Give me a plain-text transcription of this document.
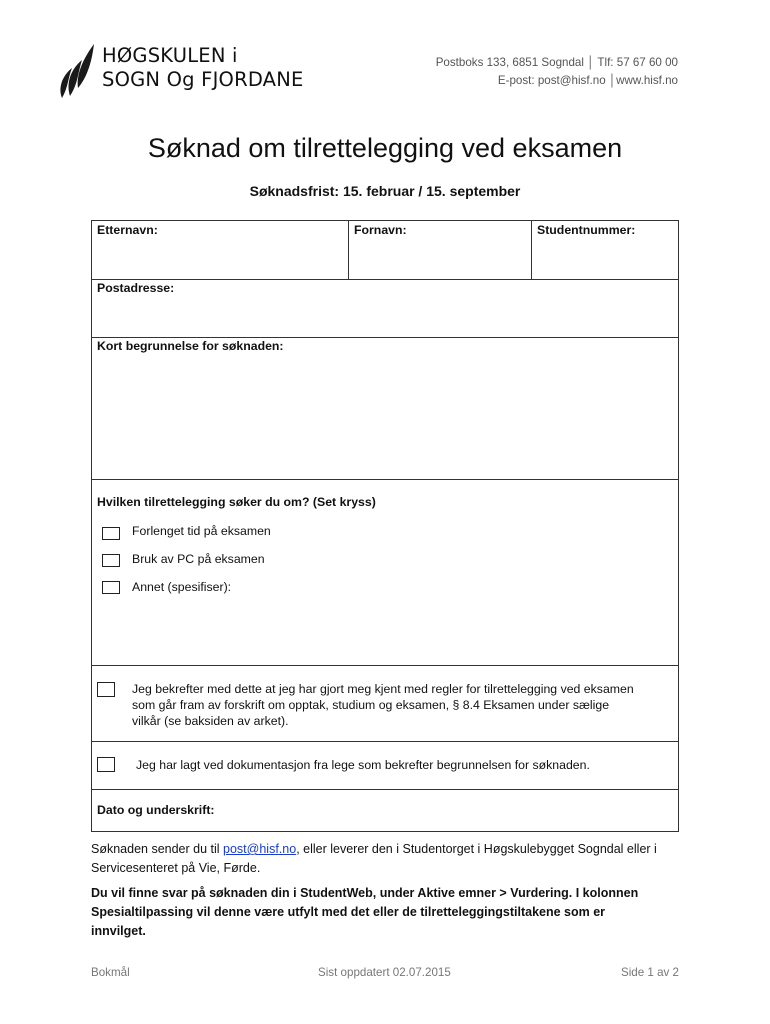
HØGSKULEN i
SOGN Og FJORDANE
Postboks 133, 6851 Sogndal │ Tlf: 57 67 60 00
E-post: post@hisf.no │www.hisf.no
Søknad om tilrettelegging ved eksamen
Søknadsfrist: 15. februar / 15. september
Etternavn:	Fornavn:	Studentnummer:
Postadresse:
Kort begrunnelse for søknaden:
Hvilken tilrettelegging søker du om? (Set kryss)
Forlenget tid på eksamen
Bruk av PC på eksamen
Annet (spesifiser):
Jeg bekrefter med dette at jeg har gjort meg kjent med regler for tilrettelegging ved eksamen
som går fram av forskrift om opptak, studium og eksamen, § 8.4 Eksamen under sælige
vilkår (se baksiden av arket).
Jeg har lagt ved dokumentasjon fra lege som bekrefter begrunnelsen for søknaden.
Dato og underskrift:
Søknaden sender du til post@hisf.no, eller leverer den i Studentorget i Høgskulebygget Sogndal eller i
Servicesenteret på Vie, Førde.
Du vil finne svar på søknaden din i StudentWeb, under Aktive emner > Vurdering. I kolonnen
Spesialtilpassing vil denne være utfylt med det eller de tilretteleggingstiltakene som er
innvilget.
Bokmål	Sist oppdatert 02.07.2015	Side 1 av 2
